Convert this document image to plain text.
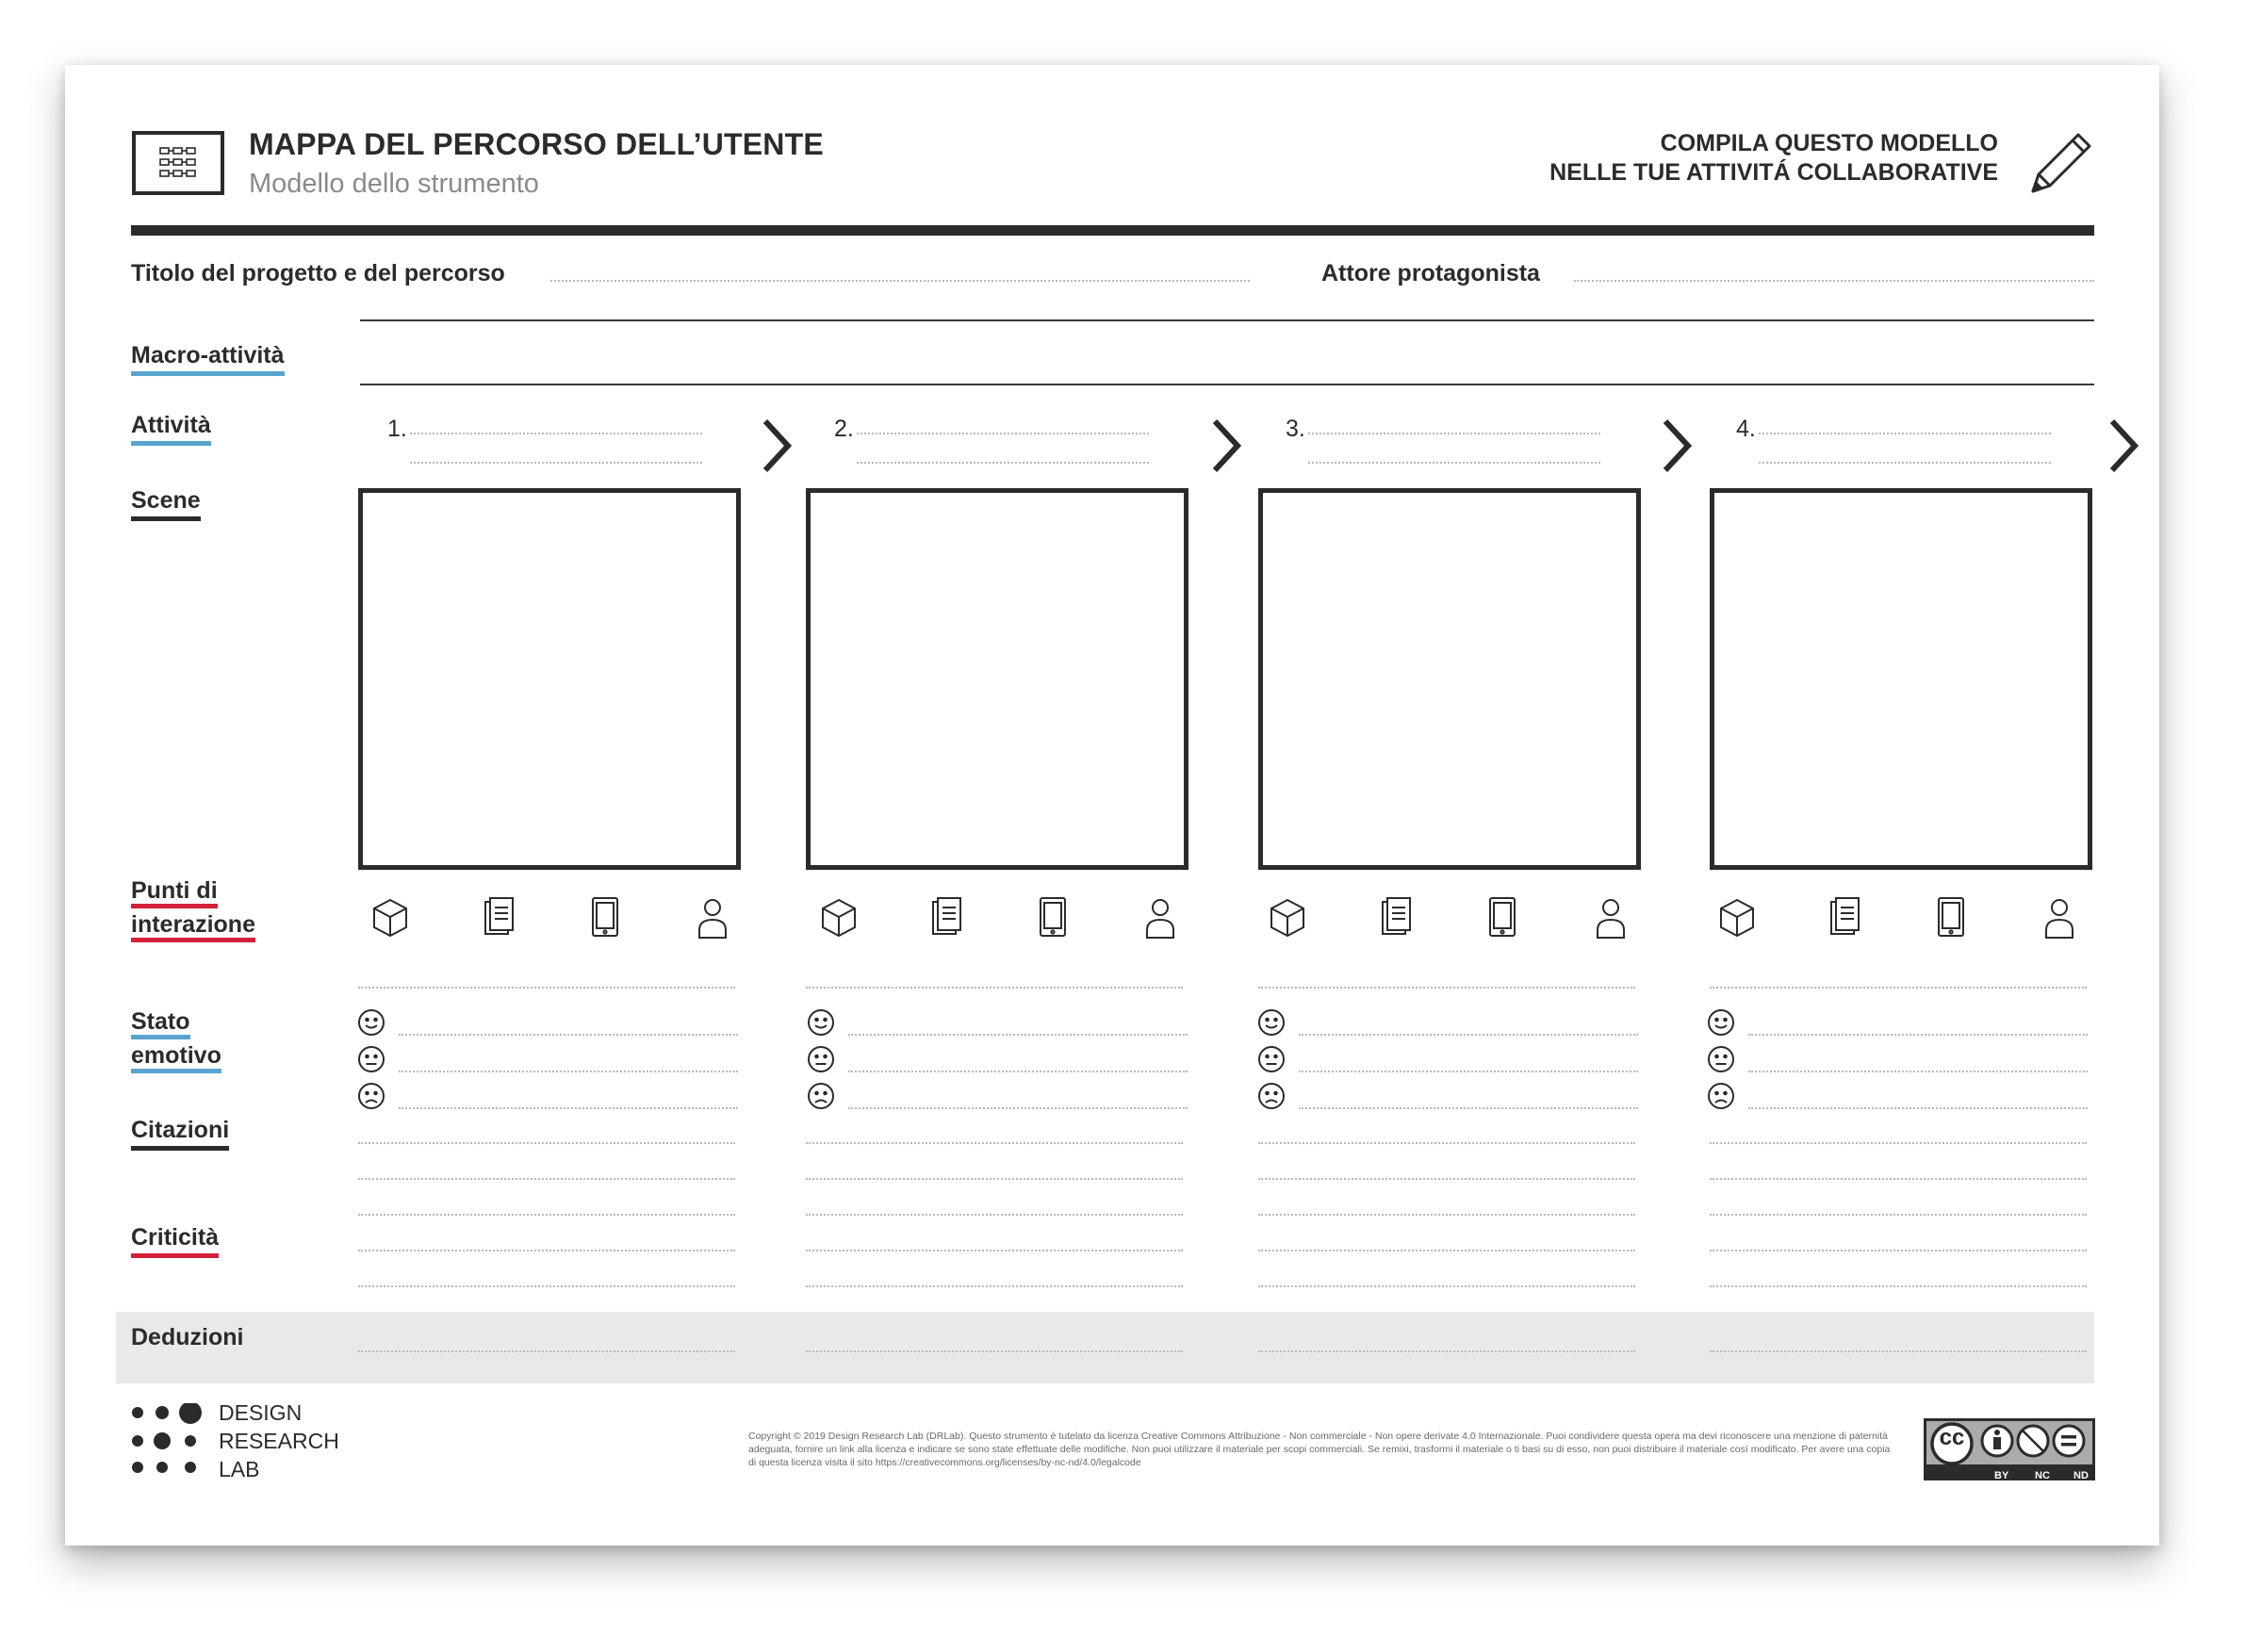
MAPPA DEL PERCORSO DELL’UTENTE
Modello dello strumento
COMPILA QUESTO MODELLO
NELLE TUE ATTIVITÁ COLLABORATIVE
Titolo del progetto e del percorso	Attore protagonista
Macro-attività
Attività
Scene
Punti di
interazione
Stato
emotivo
Citazioni
Criticità
Deduzioni
1.	2.	3.	4.
DESIGN
RESEARCH
LAB
Copyright © 2019 Design Research Lab (DRLab). Questo strumento è tutelato da licenza Creative Commons Attribuzione - Non commerciale - Non opere derivate 4.0 Internazionale. Puoi condividere questa opera ma devi riconoscere una menzione di paternità adeguata, fornire un link alla licenza e indicare se sono state effettuate delle modifiche. Non puoi utilizzare il materiale per scopi commerciali. Se remixi, trasformi il materiale o ti basi su di esso, non puoi distribuire il materiale così modificato. Per avere una copia di questa licenza visita il sito https://creativecommons.org/licenses/by-nc-nd/4.0/legalcode
cc
BY	NC ND
